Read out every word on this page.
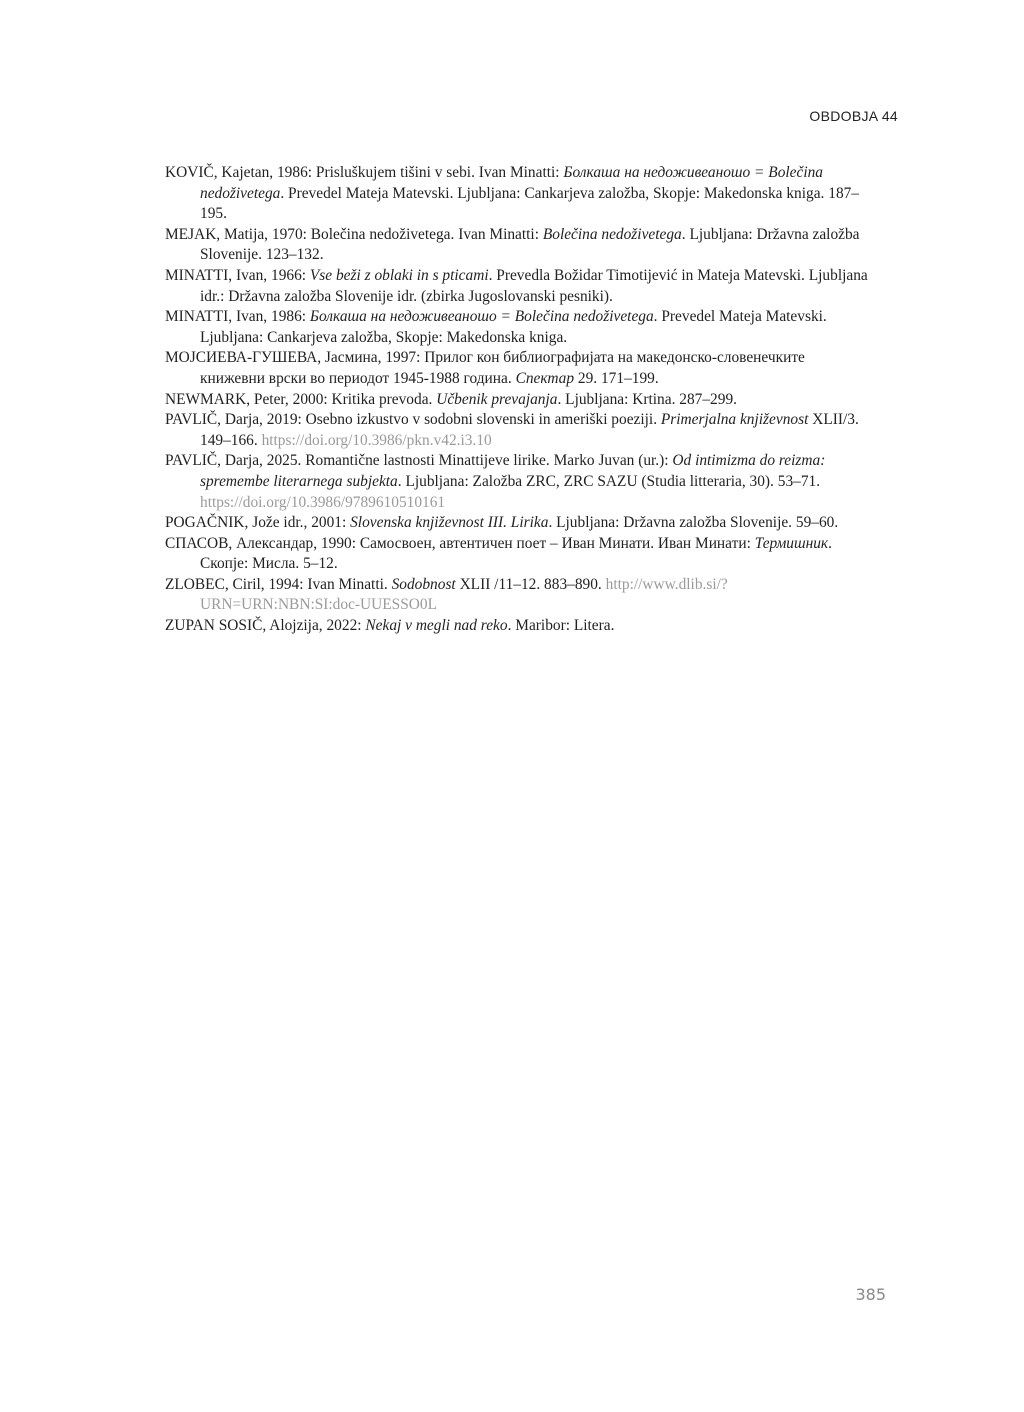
OBDOBJA 44

KOVIČ, Kajetan, 1986: Prisluškujem tišini v sebi. Ivan Minatti: Болкаша на недоживеаношо = Bolečina nedoživetega. Prevedel Mateja Matevski. Ljubljana: Cankarjeva založba, Skopje: Makedonska kniga. 187–195.

MEJAK, Matija, 1970: Bolečina nedoživetega. Ivan Minatti: Bolečina nedoživetega. Ljubljana: Državna založba Slovenije. 123–132.

MINATTI, Ivan, 1966: Vse beži z oblaki in s pticami. Prevedla Božidar Timotijević in Mateja Matevski. Ljubljana idr.: Državna založba Slovenije idr. (zbirka Jugoslovanski pesniki).

MINATTI, Ivan, 1986: Болкаша на недоживеаношо = Bolečina nedoživetega. Prevedel Mateja Matevski. Ljubljana: Cankarjeva založba, Skopje: Makedonska kniga.

МОЈСИЕВА-ГУШЕВА, Јасмина, 1997: Прилог кон библиографијата на македонско-словенечките книжевни врски во периодот 1945-1988 година. Спектар 29. 171–199.

NEWMARK, Peter, 2000: Kritika prevoda. Učbenik prevajanja. Ljubljana: Krtina. 287–299.

PAVLIČ, Darja, 2019: Osebno izkustvo v sodobni slovenski in ameriški poeziji. Primerjalna književnost XLII/3. 149–166. https://doi.org/10.3986/pkn.v42.i3.10

PAVLIČ, Darja, 2025. Romantične lastnosti Minattijeve lirike. Marko Juvan (ur.): Od intimizma do reizma: spremembe literarnega subjekta. Ljubljana: Založba ZRC, ZRC SAZU (Studia litteraria, 30). 53–71. https://doi.org/10.3986/9789610510161

POGAČNIK, Jože idr., 2001: Slovenska književnost III. Lirika. Ljubljana: Državna založba Slovenije. 59–60.

СПАСОВ, Александар, 1990: Самосвоен, автентичен поет – Иван Минати. Иван Минати: Термишник. Скопје: Мисла. 5–12.

ZLOBEC, Ciril, 1994: Ivan Minatti. Sodobnost XLII /11–12. 883–890. http://www.dlib.si/?URN=URN:NBN:SI:doc-UUESSO0L

ZUPAN SOSIČ, Alojzija, 2022: Nekaj v megli nad reko. Maribor: Litera.

385
